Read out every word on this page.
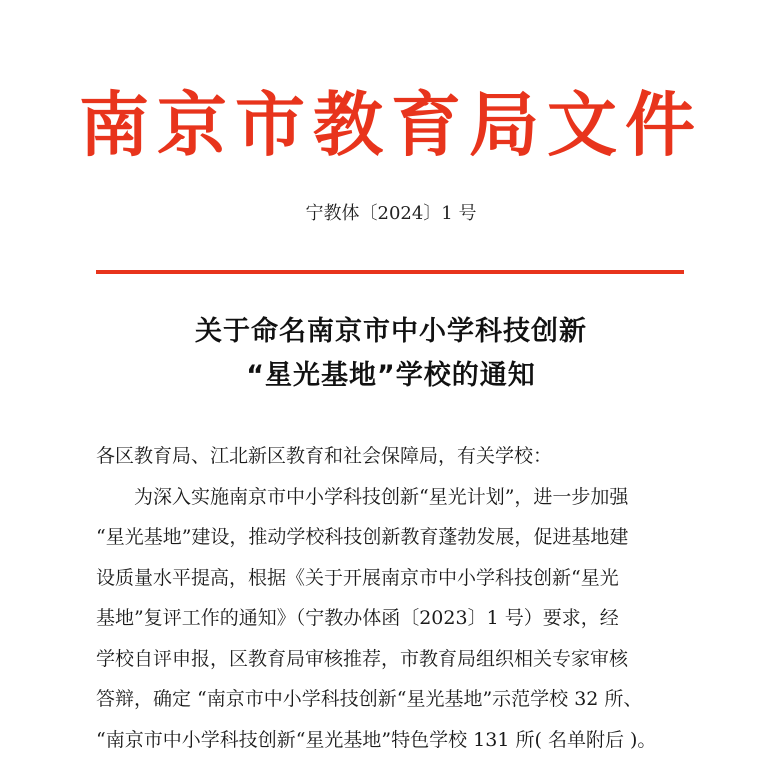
南京市教育局文件
宁教体〔2024〕1 号
关于命名南京市中小学科技创新
“星光基地”学校的通知
各区教育局、江北新区教育和社会保障局，有关学校：
为深入实施南京市中小学科技创新“星光计划”，进一步加强
“星光基地”建设，推动学校科技创新教育蓬勃发展，促进基地建
设质量水平提高，根据《关于开展南京市中小学科技创新“星光
基地”复评工作的通知》（宁教办体函〔2023〕1 号）要求，经
学校自评申报，区教育局审核推荐，市教育局组织相关专家审核
答辩，确定 “南京市中小学科技创新“星光基地”示范学校 32 所、
“南京市中小学科技创新“星光基地”特色学校 131 所( 名单附后 )。
